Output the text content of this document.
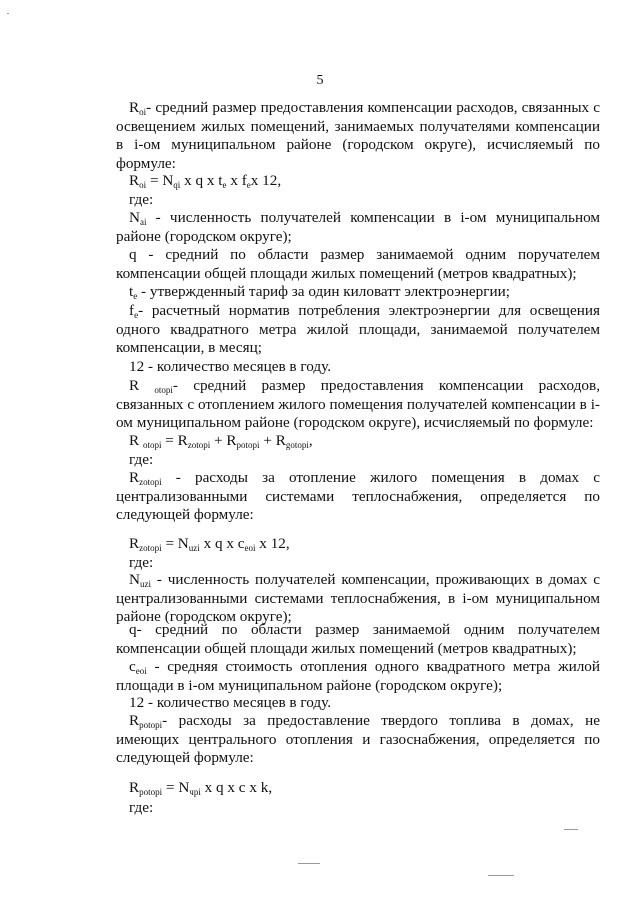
5
$R_{oi}-$ средний размер предоставления компенсации расходов, связанных с освещением жилых помещений, занимаемых получателями компенсации в i-ом муниципальном районе (городском округе), исчисляемый по формуле:
$R_{oi} = N_{qi}$ x q x $t_e$ x $f_ex$ 12,
где:
$N_{ai}$ - численность получателей компенсации в i-ом муниципальном районе (городском округе);
q - средний по области размер занимаемой одним поручателем компенсации общей площади жилых помещений (метров квадратных);
$t_e$ - утвержденный тариф за один киловатт электроэнергии;
$f_e-$ расчетный норматив потребления электроэнергии для освещения одного квадратного метра жилой площади, занимаемой получателем компенсации, в месяц;
12 - количество месяцев в году.
R $_{otopi}$- средний размер предоставления компенсации расходов, связанных с отоплением жилого помещения получателей компенсации в i-ом муниципальном районе (городском округе), исчисляемый по формуле:
R $_{otopi} = R_{zotopi} + R_{potopi} + R_{gotopi}$,
где:
$R_{zotopi}$ - расходы за отопление жилого помещения в домах с централизованными системами теплоснабжения, определяется по следующей формуле:
$R_{zotopi} = N_{uzi}$ x q x $c_{eoi}$ x 12,
где:
$N_{uzi}$ - численность получателей компенсации, проживающих в домах с централизованными системами теплоснабжения, в i-ом муниципальном районе (городском округе);
q- средний по области размер занимаемой одним получателем компенсации общей площади жилых помещений (метров квадратных);
$c_{eoi}$ - средняя стоимость отопления одного квадратного метра жилой площади в i-ом муниципальном районе (городском округе);
12 - количество месяцев в году.
$R_{potopi}-$ расходы за предоставление твердого топлива в домах, не имеющих центрального отопления и газоснабжения, определяется по следующей формуле:
$R_{potopi} = N_{чpi}$ x q x c x k,
где:
